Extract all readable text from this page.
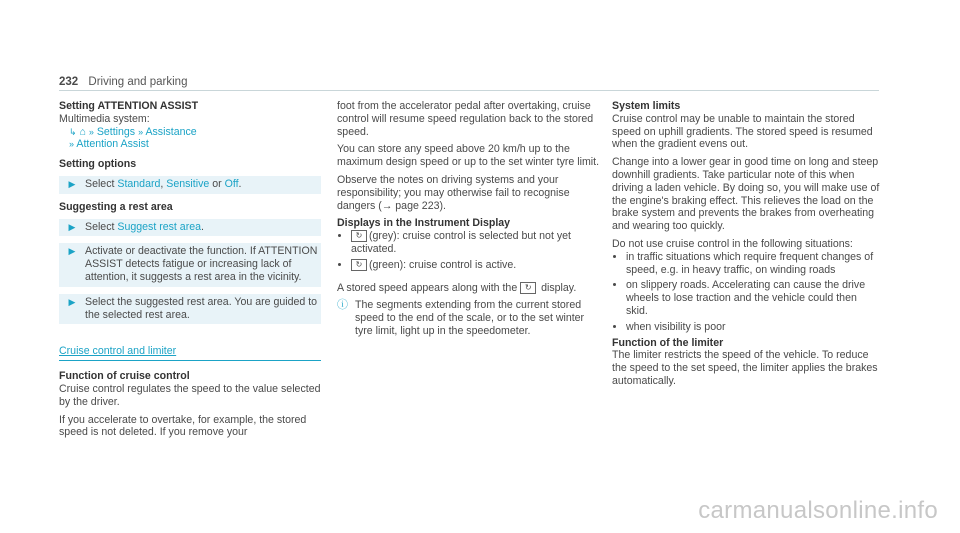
232 Driving and parking

Setting ATTENTION ASSIST

Multimedia system:

↳ ⌂ » Settings » Assistance

» Attention Assist

Setting options

▶ Select Standard, Sensitive or Off.

Suggesting a rest area

▶ Select Suggest rest area.
▶ Activate or deactivate the function. If ATTENTION ASSIST detects fatigue or increasing lack of attention, it suggests a rest area in the vicinity.
▶ Select the suggested rest area. You are guided to the selected rest area.
Cruise control and limiter

Function of cruise control

Cruise control regulates the speed to the value selected by the driver.

If you accelerate to overtake, for example, the stored speed is not deleted. If you remove your

foot from the accelerator pedal after overtaking, cruise control will resume speed regulation back to the stored speed.

You can store any speed above 20 km/h up to the maximum design speed or up to the set winter tyre limit.

Observe the notes on driving systems and your responsibility; you may otherwise fail to recognise dangers (→ page 223).

Displays in the Instrument Display

• ↻ (grey): cruise control is selected but not yet activated.
• ↻ (green): cruise control is active.

A stored speed appears along with the ↻ display.

ⓘ The segments extending from the current stored speed to the end of the scale, or to the set winter tyre limit, light up in the speedometer.

System limits

Cruise control may be unable to maintain the stored speed on uphill gradients. The stored speed is resumed when the gradient evens out.

Change into a lower gear in good time on long and steep downhill gradients. Take particular note of this when driving a laden vehicle. By doing so, you will make use of the engine's braking effect. This relieves the load on the brake system and prevents the brakes from overheating and wearing too quickly.

Do not use cruise control in the following situations:

• in traffic situations which require frequent changes of speed, e.g. in heavy traffic, on winding roads
• on slippery roads. Accelerating can cause the drive wheels to lose traction and the vehicle could then skid.
• when visibility is poor

Function of the limiter

The limiter restricts the speed of the vehicle. To reduce the speed to the set speed, the limiter applies the brakes automatically.

carmanualsonline.info
